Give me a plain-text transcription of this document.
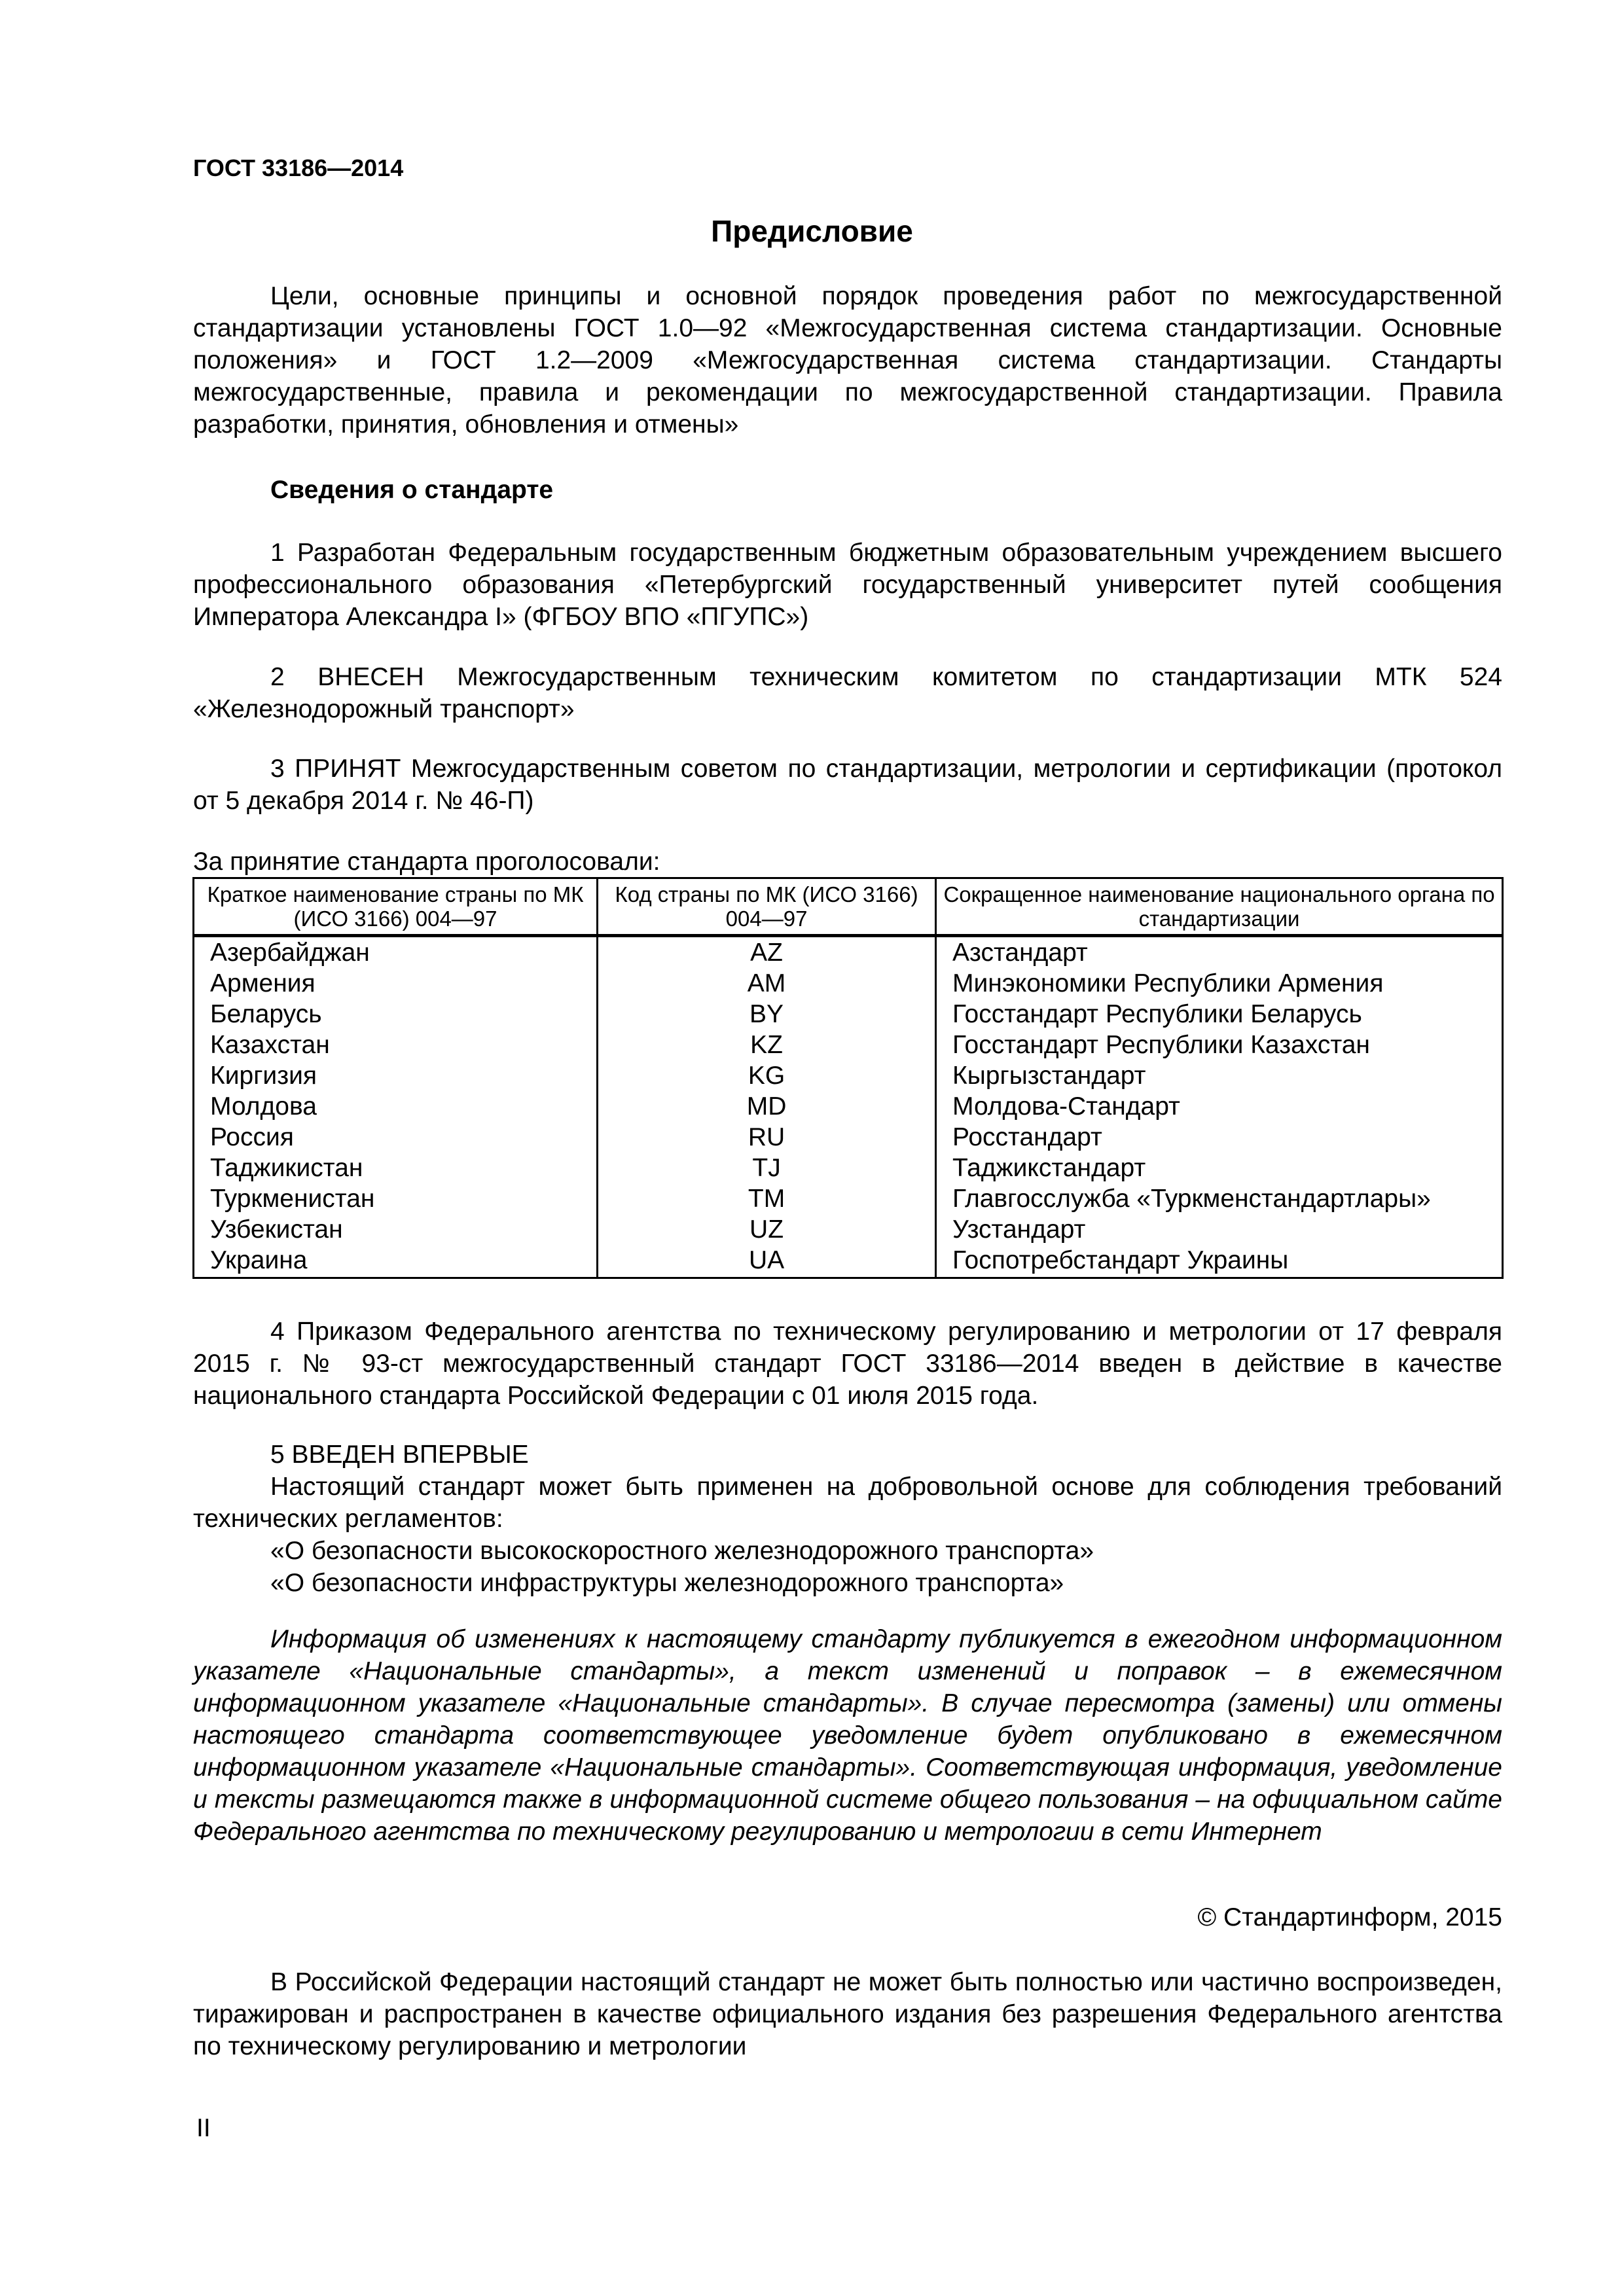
ГОСТ 33186—2014
Предисловие
Цели, основные принципы и основной порядок проведения работ по межгосударственной стандартизации установлены ГОСТ 1.0—92 «Межгосударственная система стандартизации. Основные положения» и ГОСТ 1.2—2009 «Межгосударственная система стандартизации. Стандарты межгосударственные, правила и рекомендации по межгосударственной стандартизации. Правила разработки, принятия, обновления и отмены»
Сведения о стандарте
1 Разработан Федеральным государственным бюджетным образовательным учреждением высшего профессионального образования «Петербургский государственный университет путей сообщения Императора Александра I» (ФГБОУ ВПО «ПГУПС»)
2 ВНЕСЕН Межгосударственным техническим комитетом по стандартизации МТК 524 «Железнодорожный транспорт»
3 ПРИНЯТ Межгосударственным советом по стандартизации, метрологии и сертификации (протокол от 5 декабря 2014 г. № 46-П)
За принятие стандарта проголосовали:
Краткое наименование страны по МК (ИСО 3166) 004—97	Код страны по МК (ИСО 3166) 004—97	Сокращенное наименование национального органа по стандартизации
Азербайджан	AZ	Азстандарт
Армения	AM	Минэкономики Республики Армения
Беларусь	BY	Госстандарт Республики Беларусь
Казахстан	KZ	Госстандарт Республики Казахстан
Киргизия	KG	Кыргызстандарт
Молдова	MD	Молдова-Стандарт
Россия	RU	Росстандарт
Таджикистан	TJ	Таджикстандарт
Туркменистан	TM	Главгосслужба «Туркменстандартлары»
Узбекистан	UZ	Узстандарт
Украина	UA	Госпотребстандарт Украины
4 Приказом Федерального агентства по техническому регулированию и метрологии от 17 февраля 2015 г. № 93-ст межгосударственный стандарт ГОСТ 33186—2014 введен в действие в качестве национального стандарта Российской Федерации с 01 июля 2015 года.
5 ВВЕДЕН ВПЕРВЫЕ
Настоящий стандарт может быть применен на добровольной основе для соблюдения требований технических регламентов:
«О безопасности высокоскоростного железнодорожного транспорта»
«О безопасности инфраструктуры железнодорожного транспорта»
Информация об изменениях к настоящему стандарту публикуется в ежегодном информационном указателе «Национальные стандарты», а текст изменений и поправок – в ежемесячном информационном указателе «Национальные стандарты». В случае пересмотра (замены) или отмены настоящего стандарта соответствующее уведомление будет опубликовано в ежемесячном информационном указателе «Национальные стандарты». Соответствующая информация, уведомление и тексты размещаются также в информационной системе общего пользования – на официальном сайте Федерального агентства по техническому регулированию и метрологии в сети Интернет
© Стандартинформ, 2015
В Российской Федерации настоящий стандарт не может быть полностью или частично воспроизведен, тиражирован и распространен в качестве официального издания без разрешения Федерального агентства по техническому регулированию и метрологии
II
